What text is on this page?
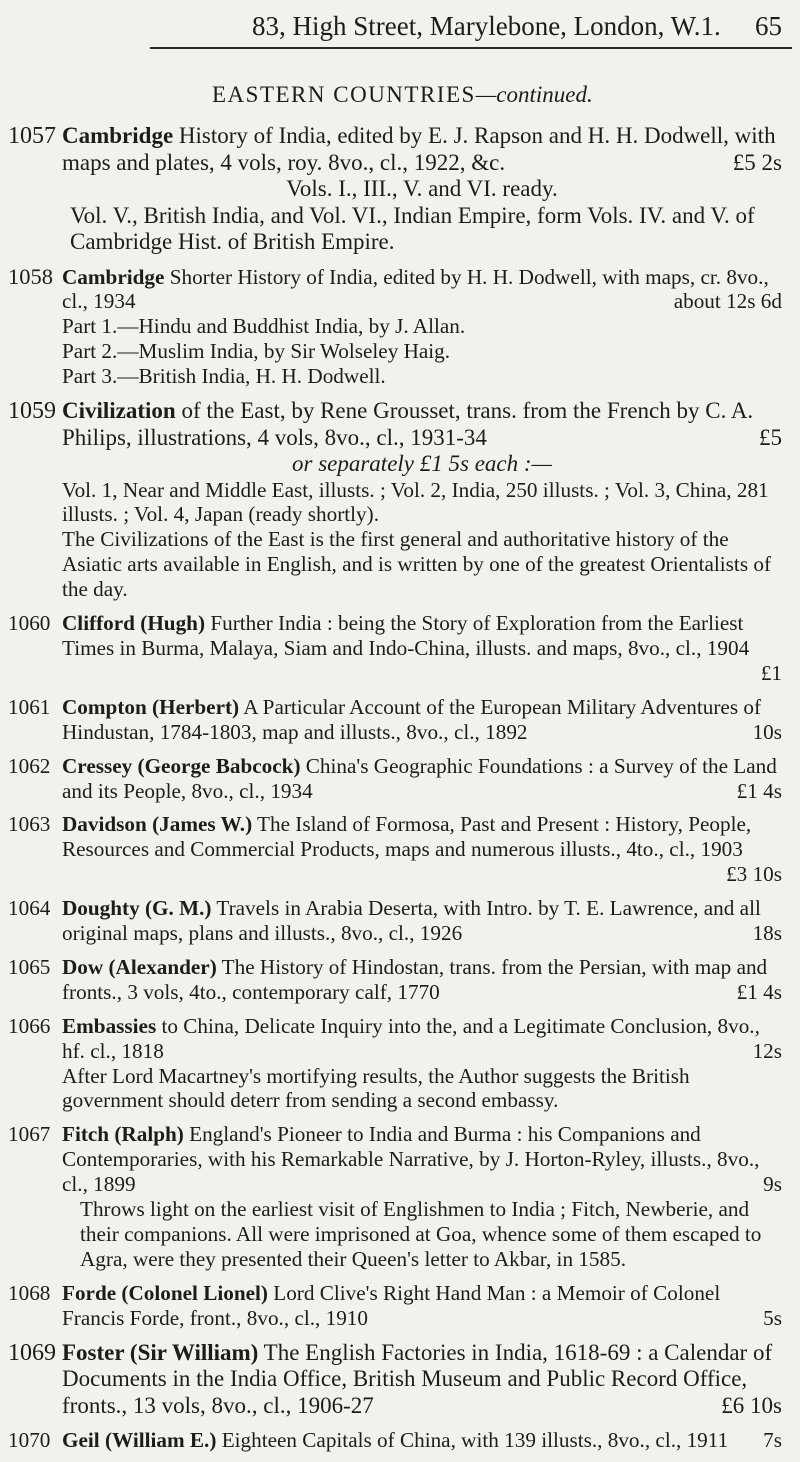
83, High Street, Marylebone, London, W.1. 65
EASTERN COUNTRIES—continued.
1057 Cambridge History of India, edited by E. J. Rapson and H. H. Dodwell, with maps and plates, 4 vols, roy. 8vo., cl., 1922, &c.	£5 2s
Vols. I., III., V. and VI. ready.
Vol. V., British India, and Vol. VI., Indian Empire, form Vols. IV. and V. of Cambridge Hist. of British Empire.
1058 Cambridge Shorter History of India, edited by H. H. Dodwell, with maps, cr. 8vo., cl., 1934	about 12s 6d
Part 1.—Hindu and Buddhist India, by J. Allan.
Part 2.—Muslim India, by Sir Wolseley Haig.
Part 3.—British India, H. H. Dodwell.
1059 Civilization of the East, by Rene Grousset, trans. from the French by C. A. Philips, illustrations, 4 vols, 8vo., cl., 1931-34	£5
or separately £1 5s each :—
Vol. 1, Near and Middle East, illusts. ; Vol. 2, India, 250 illusts. ; Vol. 3, China, 281 illusts. ; Vol. 4, Japan (ready shortly).
The Civilizations of the East is the first general and authoritative history of the Asiatic arts available in English, and is written by one of the greatest Orientalists of the day.
1060 Clifford (Hugh) Further India : being the Story of Exploration from the Earliest Times in Burma, Malaya, Siam and Indo-China, illusts. and maps, 8vo., cl., 1904
£1
1061 Compton (Herbert) A Particular Account of the European Military Adventures of Hindustan, 1784-1803, map and illusts., 8vo., cl., 1892	10s
1062 Cressey (George Babcock) China's Geographic Foundations : a Survey of the Land and its People, 8vo., cl., 1934	£1 4s
1063 Davidson (James W.) The Island of Formosa, Past and Present : History, People, Resources and Commercial Products, maps and numerous illusts., 4to., cl., 1903
£3 10s
1064 Doughty (G. M.) Travels in Arabia Deserta, with Intro. by T. E. Lawrence, and all original maps, plans and illusts., 8vo., cl., 1926	18s
1065 Dow (Alexander) The History of Hindostan, trans. from the Persian, with map and fronts., 3 vols, 4to., contemporary calf, 1770	£1 4s
1066 Embassies to China, Delicate Inquiry into the, and a Legitimate Conclusion, 8vo., hf. cl., 1818	12s
After Lord Macartney's mortifying results, the Author suggests the British government should deterr from sending a second embassy.
1067 Fitch (Ralph) England's Pioneer to India and Burma : his Companions and Contemporaries, with his Remarkable Narrative, by J. Horton-Ryley, illusts., 8vo., cl., 1899	9s
Throws light on the earliest visit of Englishmen to India ; Fitch, Newberie, and their companions. All were imprisoned at Goa, whence some of them escaped to Agra, were they presented their Queen's letter to Akbar, in 1585.
1068 Forde (Colonel Lionel) Lord Clive's Right Hand Man : a Memoir of Colonel Francis Forde, front., 8vo., cl., 1910	5s
1069 Foster (Sir William) The English Factories in India, 1618-69 : a Calendar of Documents in the India Office, British Museum and Public Record Office, fronts., 13 vols, 8vo., cl., 1906-27	£6 10s
1070 Geil (William E.) Eighteen Capitals of China, with 139 illusts., 8vo., cl., 1911 7s
